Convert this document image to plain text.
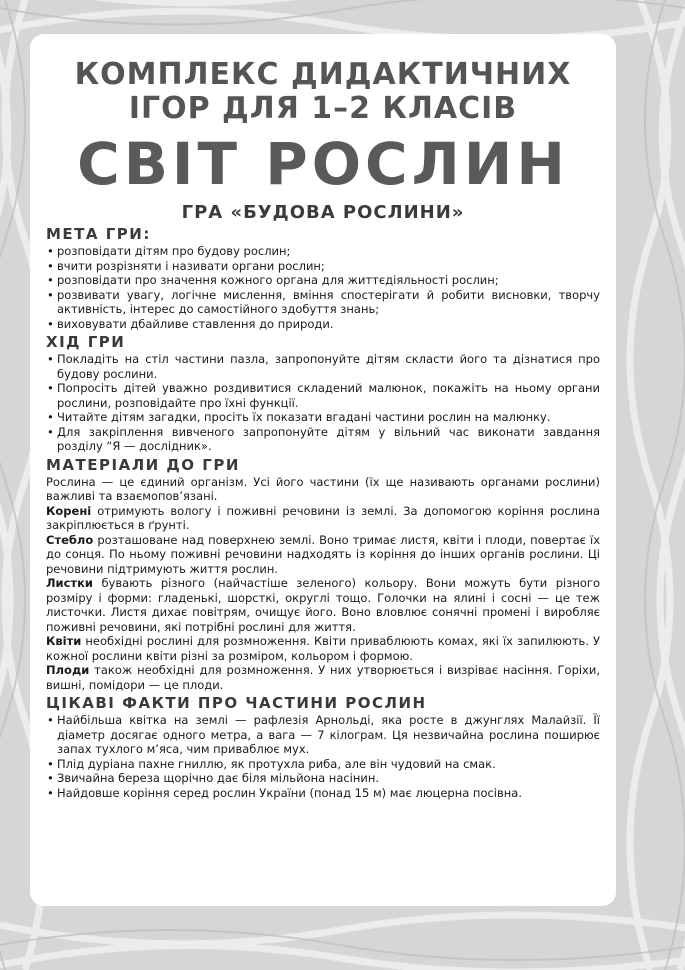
КОМПЛЕКС ДИДАКТИЧНИХ
ІГОР ДЛЯ 1–2 КЛАСІВ
СВІТ РОСЛИН
ГРА «БУДОВА РОСЛИНИ»
МЕТА ГРИ:
• розповідати дітям про будову рослин;
• вчити розрізняти і називати органи рослин;
• розповідати про значення кожного органа для життєдіяльності рослин;
• розвивати увагу, логічне мислення, вміння спостерігати й робити висновки, творчу активність, інтерес до самостійного здобуття знань;
• виховувати дбайливе ставлення до природи.
ХІД ГРИ
• Покладіть на стіл частини пазла, запропонуйте дітям скласти його та дізнатися про будову рослини.
• Попросіть дітей уважно роздивитися складений малюнок, покажіть на ньому органи рослини, розповідайте про їхні функції.
• Читайте дітям загадки, просіть їх показати вгадані частини рослин на малюнку.
• Для закріплення вивченого запропонуйте дітям у вільний час виконати завдання розділу “Я — дослідник».
МАТЕРІАЛИ ДО ГРИ

Рослина — це єдиний організм. Усі його частини (їх ще називають органами рослини) важливі та взаємопов’язані.

Корені отримують вологу і поживні речовини із землі. За допомогою коріння рослина закріплюється в ґрунті.

Стебло розташоване над поверхнею землі. Воно тримає листя, квіти і плоди, повертає їх до сонця. По ньому поживні речовини надходять із коріння до інших органів рослини. Ці речовини підтримують життя рослин.

Листки бувають різного (найчастіше зеленого) кольору. Вони можуть бути різного розміру і форми: гладенькі, шорсткі, округлі тощо. Голочки на ялині і сосні — це теж листочки. Листя дихає повітрям, очищує його. Воно вловлює сонячні промені і виробляє поживні речовини, які потрібні рослині для життя.

Квіти необхідні рослині для розмноження. Квіти приваблюють комах, які їх запилюють. У кожної рослини квіти різні за розміром, кольором і формою.

Плоди також необхідні для розмноження. У них утворюється і визріває насіння. Горіхи, вишні, помідори — це плоди.

ЦІКАВІ ФАКТИ ПРО ЧАСТИНИ РОСЛИН
• Найбільша квітка на землі — рафлезія Арнольді, яка росте в джунглях Малайзії. Її діаметр досягає одного метра, а вага — 7 кілограм. Ця незвичайна рослина поширює запах тухлого м’яса, чим приваблює мух.
• Плід дуріана пахне гниллю, як протухла риба, але він чудовий на смак.
• Звичайна береза щорічно дає біля мільйона насінин.
• Найдовше коріння серед рослин України (понад 15 м) має люцерна посівна.
